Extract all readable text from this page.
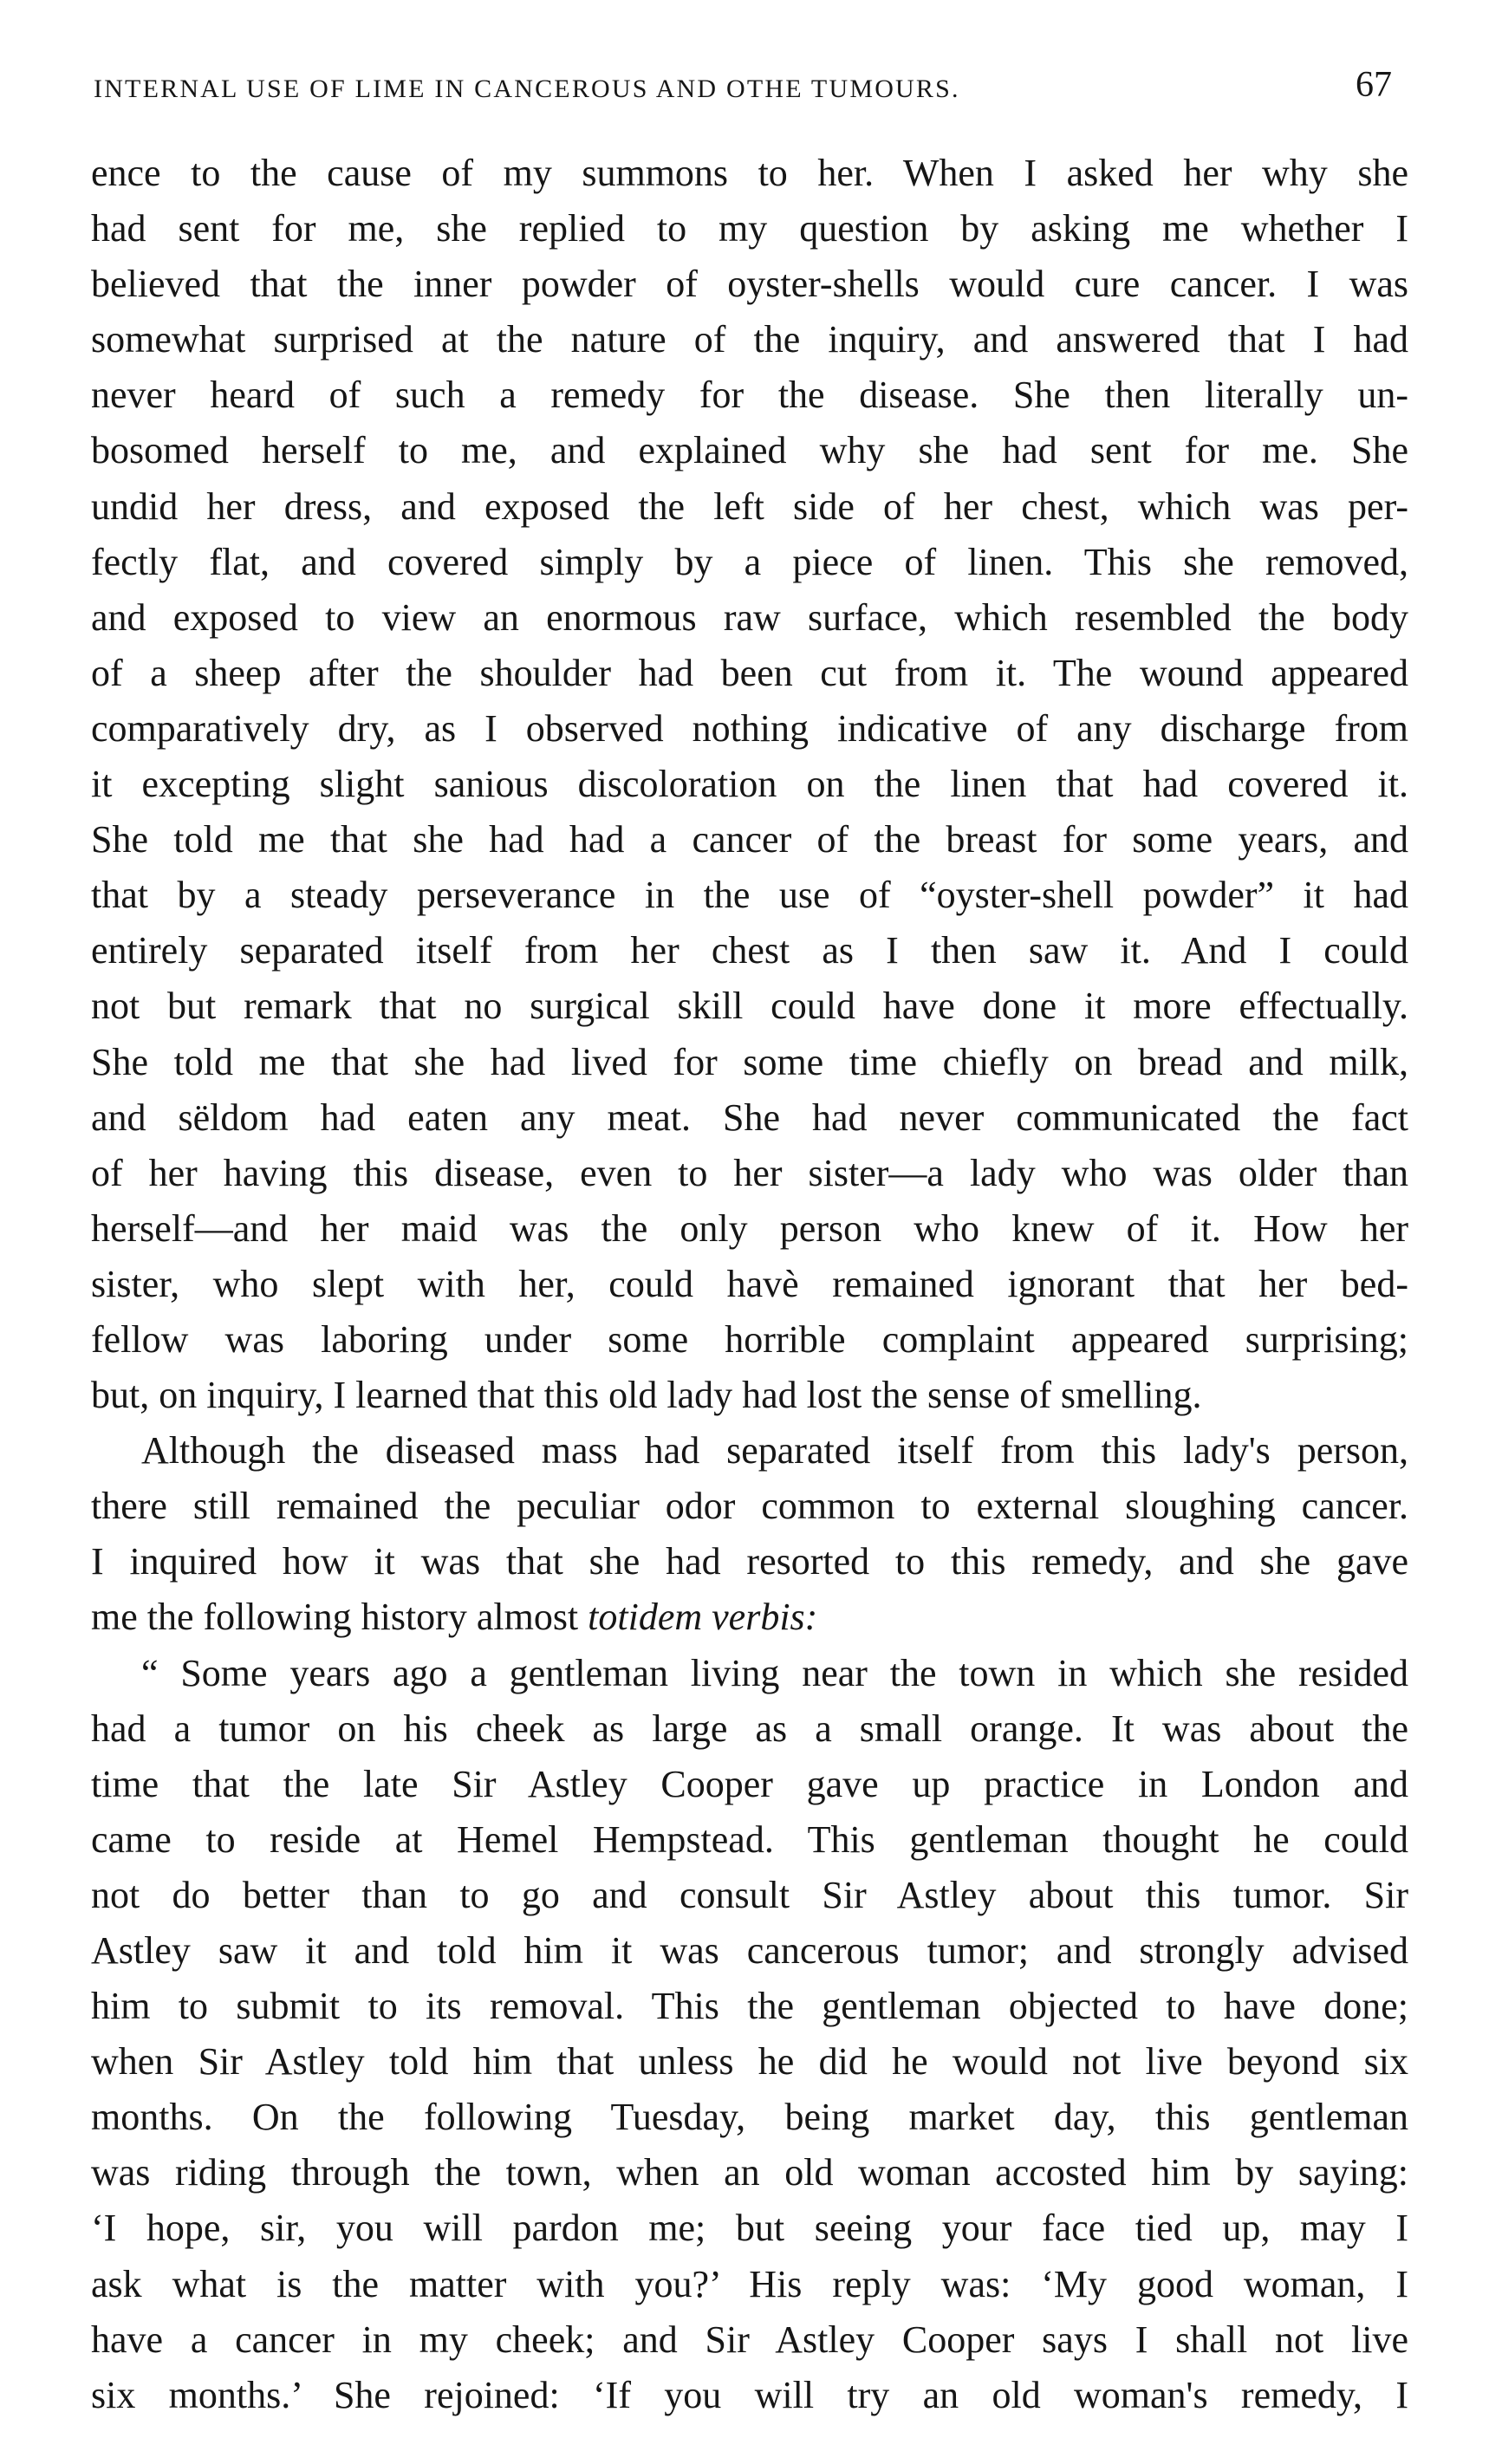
INTERNAL USE OF LIME IN CANCEROUS AND OTHE TUMOURS.	67
ence to the cause of my summons to her. When I asked her why she
had sent for me, she replied to my question by asking me whether I
believed that the inner powder of oyster-shells would cure cancer. I was
somewhat surprised at the nature of the inquiry, and answered that I had
never heard of such a remedy for the disease. She then literally un-
bosomed herself to me, and explained why she had sent for me. She
undid her dress, and exposed the left side of her chest, which was per-
fectly flat, and covered simply by a piece of linen. This she removed,
and exposed to view an enormous raw surface, which resembled the body
of a sheep after the shoulder had been cut from it. The wound appeared
comparatively dry, as I observed nothing indicative of any discharge from
it excepting slight sanious discoloration on the linen that had covered it.
She told me that she had had a cancer of the breast for some years, and
that by a steady perseverance in the use of “oyster-shell powder” it had
entirely separated itself from her chest as I then saw it. And I could
not but remark that no surgical skill could have done it more effectually.
She told me that she had lived for some time chiefly on bread and milk,
and sëldom had eaten any meat. She had never communicated the fact
of her having this disease, even to her sister—a lady who was older than
herself—and her maid was the only person who knew of it. How her
sister, who slept with her, could havè remained ignorant that her bed-
fellow was laboring under some horrible complaint appeared surprising;
but, on inquiry, I learned that this old lady had lost the sense of smelling.
Although the diseased mass had separated itself from this lady's person,
there still remained the peculiar odor common to external sloughing cancer.
I inquired how it was that she had resorted to this remedy, and she gave
me the following history almost totidem verbis:
“ Some years ago a gentleman living near the town in which she resided
had a tumor on his cheek as large as a small orange. It was about the
time that the late Sir Astley Cooper gave up practice in London and
came to reside at Hemel Hempstead. This gentleman thought he could
not do better than to go and consult Sir Astley about this tumor. Sir
Astley saw it and told him it was cancerous tumor; and strongly advised
him to submit to its removal. This the gentleman objected to have done;
when Sir Astley told him that unless he did he would not live beyond six
months. On the following Tuesday, being market day, this gentleman
was riding through the town, when an old woman accosted him by saying:
‘I hope, sir, you will pardon me; but seeing your face tied up, may I
ask what is the matter with you?’ His reply was: ‘My good woman, I
have a cancer in my cheek; and Sir Astley Cooper says I shall not live
six months.’ She rejoined: ‘If you will try an old woman's remedy, I
